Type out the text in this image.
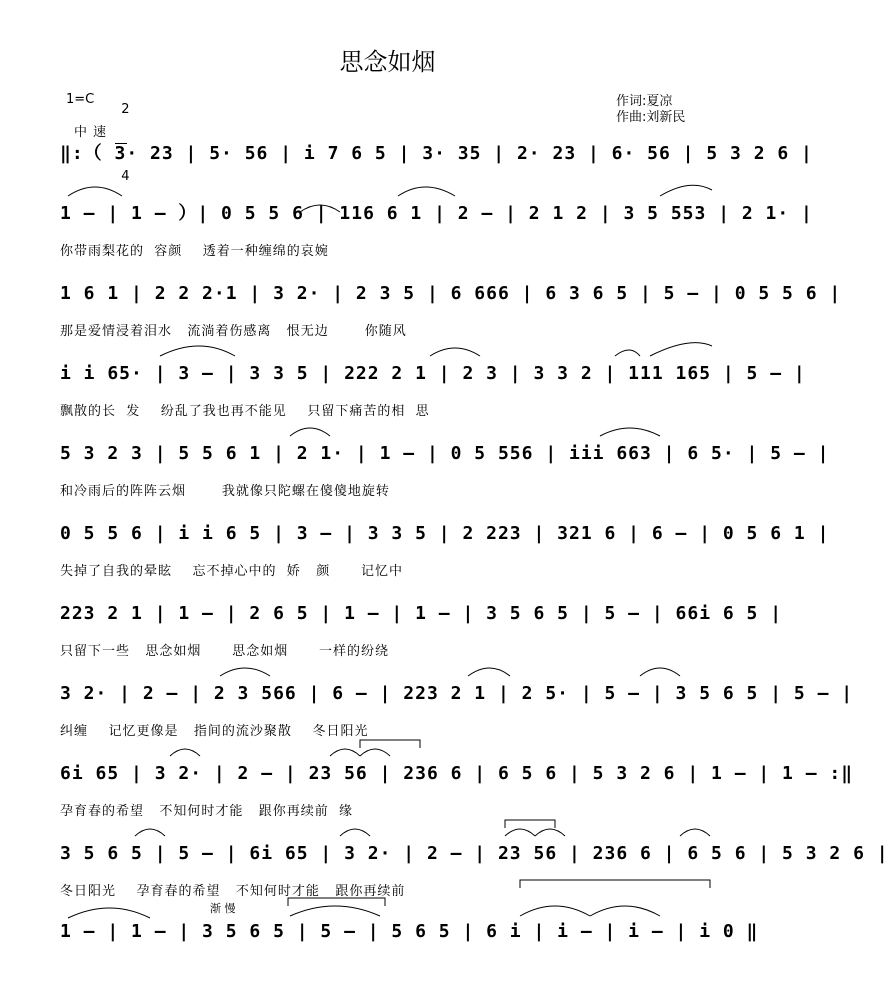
思念如烟
1=C

2

4

中速
作词:夏凉
作曲:刘新民
‖:（ 3· 23 | 5· 56 | i 7 6 5 | 3· 35 | 2· 23 | 6· 56 | 5 3 2 6 |
1 – | 1 – ）| 0 5 5 6 | 116 6 1 | 2 – | 2 1 2 | 3 5 553 | 2 1· |
你带雨梨花的  容颜    透着一种缠绵的哀婉
1 6 1 | 2 2 2·1 | 3 2· | 2 3 5 | 6 666 | 6 3 6 5 | 5 – | 0 5 5 6 |
那是爱情浸着泪水   流淌着伤感离   恨无边       你随风
i i 65· | 3 – | 3 3 5 | 222 2 1 | 2 3 | 3 3 2 | 111 165 | 5 – |
飘散的长  发    纷乱了我也再不能见    只留下痛苦的相  思
5 3 2 3 | 5 5 6 1 | 2 1· | 1 – | 0 5 556 | iii 663 | 6 5· | 5 – |
和冷雨后的阵阵云烟       我就像只陀螺在傻傻地旋转
0 5 5 6 | i i 6 5 | 3 – | 3 3 5 | 2 223 | 321 6 | 6 – | 0 5 6 1 |
失掉了自我的晕眩    忘不掉心中的  娇   颜      记忆中
223 2 1 | 1 – | 2 6 5 | 1 – | 1 – | 3 5 6 5 | 5 – | 66i 6 5 |
只留下一些   思念如烟      思念如烟      一样的纷绕
3 2· | 2 – | 2 3 566 | 6 – | 223 2 1 | 2 5· | 5 – | 3 5 6 5 | 5 – |
纠缠    记忆更像是   指间的流沙聚散    冬日阳光
6i 65 | 3 2· | 2 – | 23 56 | 236 6 | 6 5 6 | 5 3 2 6 | 1 – | 1 – :‖
孕育春的希望   不知何时才能   跟你再续前  缘
3 5 6 5 | 5 – | 6i 65 | 3 2· | 2 – | 23 56 | 236 6 | 6 5 6 | 5 3 2 6 |
冬日阳光    孕育春的希望   不知何时才能   跟你再续前
渐 慢
1 – | 1 – | 3 5 6 5 | 5 – | 5 6 5 | 6 i | i – | i – | i 0 ‖
